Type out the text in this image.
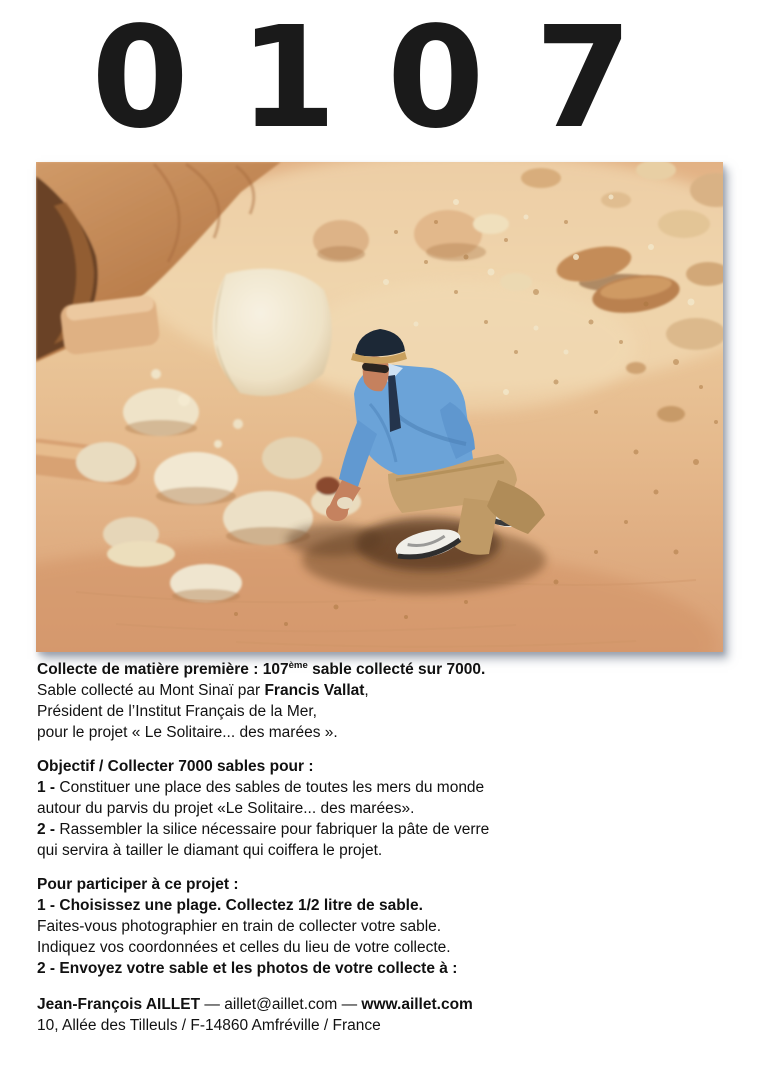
0107

Collecte de matière première : 107ème sable collecté sur 7000.
Sable collecté au Mont Sinaï par Francis Vallat,
Président de l’Institut Français de la Mer,
pour le projet « Le Solitaire... des marées ».

Objectif / Collecter 7000 sables pour :
1 - Constituer une place des sables de toutes les mers du monde
autour du parvis du projet «Le Solitaire... des marées».
2 - Rassembler la silice nécessaire pour fabriquer la pâte de verre
qui servira à tailler le diamant qui coiffera le projet.

Pour participer à ce projet :
1 - Choisissez une plage. Collectez 1/2 litre de sable.
Faites-vous photographier en train de collecter votre sable.
Indiquez vos coordonnées et celles du lieu de votre collecte.
2 - Envoyez votre sable et les photos de votre collecte à :

Jean-François AILLET — aillet@aillet.com — www.aillet.com
10, Allée des Tilleuls / F-14860 Amfréville / France
